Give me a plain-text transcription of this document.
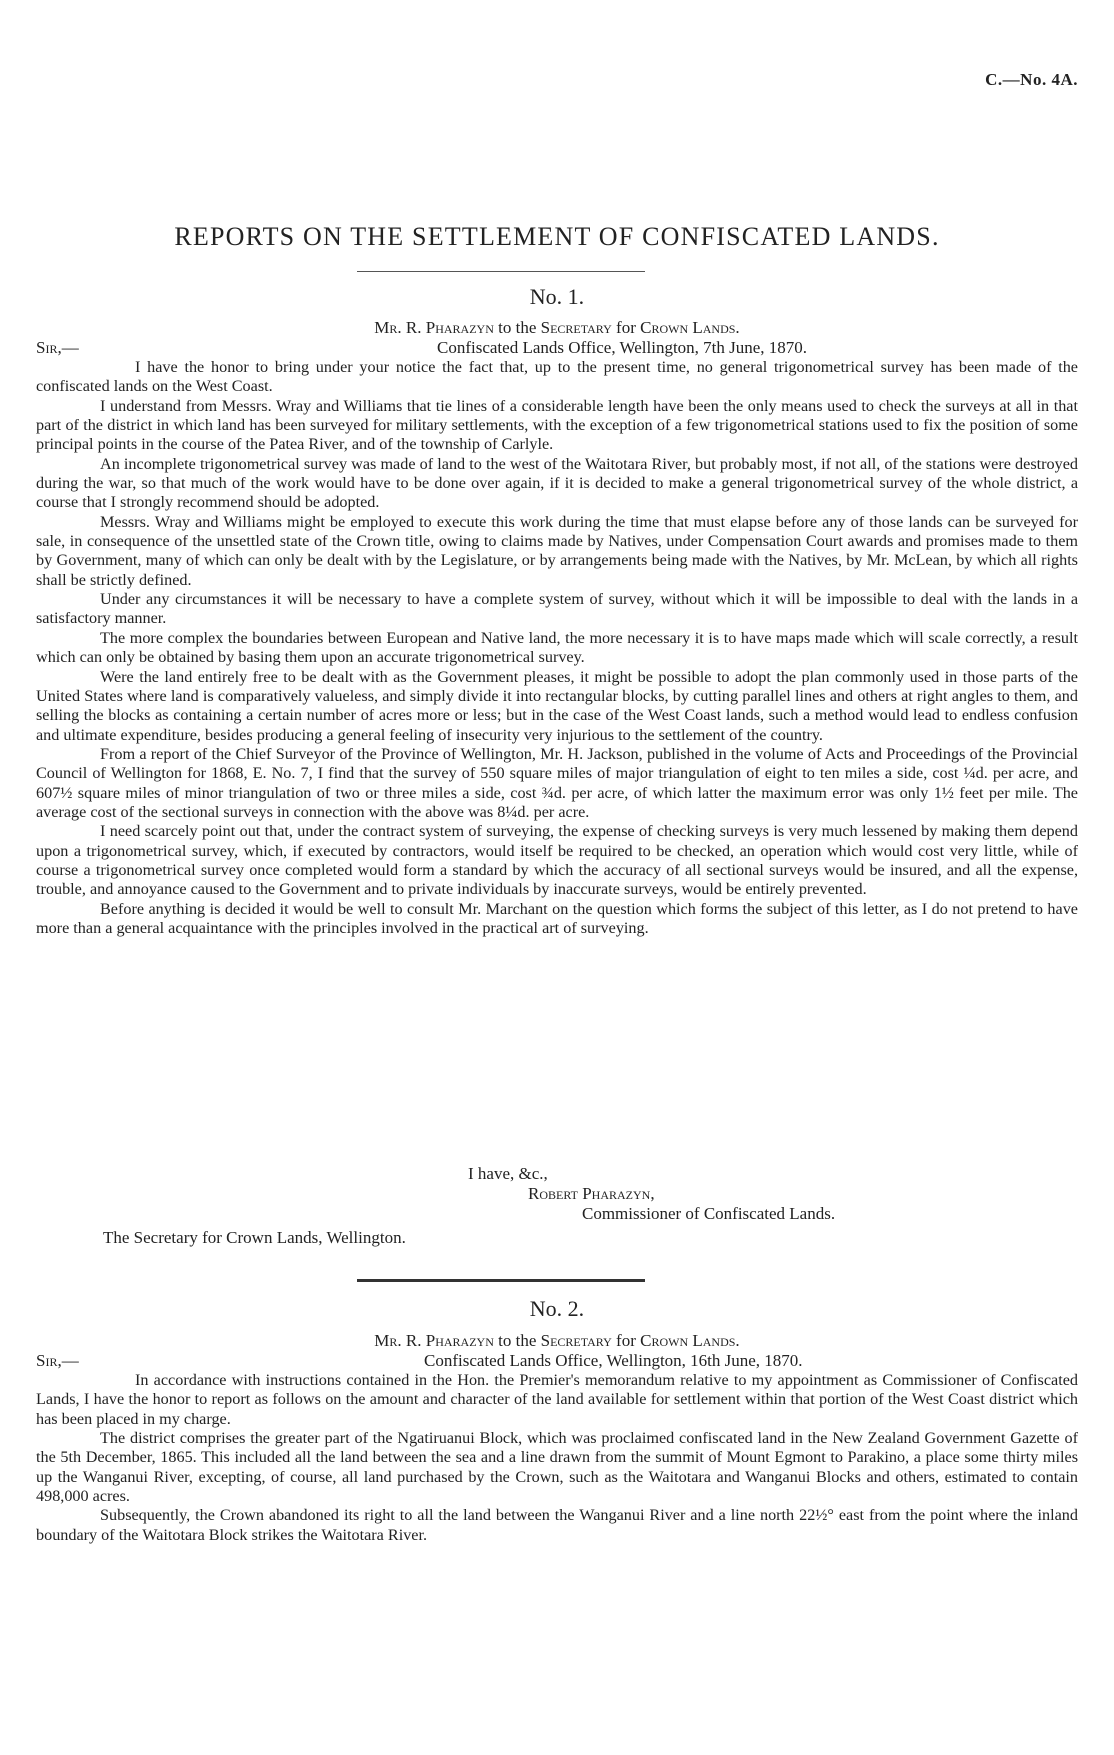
C.—No. 4A.
REPORTS ON THE SETTLEMENT OF CONFISCATED LANDS.
No. 1.
Mr. R. Pharazyn to the Secretary for Crown Lands.
Sir,—	Confiscated Lands Office, Wellington, 7th June, 1870.

I have the honor to bring under your notice the fact that, up to the present time, no general trigonometrical survey has been made of the confiscated lands on the West Coast.

I understand from Messrs. Wray and Williams that tie lines of a considerable length have been the only means used to check the surveys at all in that part of the district in which land has been surveyed for military settlements, with the exception of a few trigonometrical stations used to fix the position of some principal points in the course of the Patea River, and of the township of Carlyle.

An incomplete trigonometrical survey was made of land to the west of the Waitotara River, but probably most, if not all, of the stations were destroyed during the war, so that much of the work would have to be done over again, if it is decided to make a general trigonometrical survey of the whole district, a course that I strongly recommend should be adopted.

Messrs. Wray and Williams might be employed to execute this work during the time that must elapse before any of those lands can be surveyed for sale, in consequence of the unsettled state of the Crown title, owing to claims made by Natives, under Compensation Court awards and promises made to them by Government, many of which can only be dealt with by the Legislature, or by arrangements being made with the Natives, by Mr. McLean, by which all rights shall be strictly defined.

Under any circumstances it will be necessary to have a complete system of survey, without which it will be impossible to deal with the lands in a satisfactory manner.

The more complex the boundaries between European and Native land, the more necessary it is to have maps made which will scale correctly, a result which can only be obtained by basing them upon an accurate trigonometrical survey.

Were the land entirely free to be dealt with as the Government pleases, it might be possible to adopt the plan commonly used in those parts of the United States where land is comparatively valueless, and simply divide it into rectangular blocks, by cutting parallel lines and others at right angles to them, and selling the blocks as containing a certain number of acres more or less; but in the case of the West Coast lands, such a method would lead to endless confusion and ultimate expenditure, besides producing a general feeling of insecurity very injurious to the settlement of the country.

From a report of the Chief Surveyor of the Province of Wellington, Mr. H. Jackson, published in the volume of Acts and Proceedings of the Provincial Council of Wellington for 1868, E. No. 7, I find that the survey of 550 square miles of major triangulation of eight to ten miles a side, cost ¼d. per acre, and 607½ square miles of minor triangulation of two or three miles a side, cost ¾d. per acre, of which latter the maximum error was only 1½ feet per mile. The average cost of the sectional surveys in connection with the above was 8¼d. per acre.

I need scarcely point out that, under the contract system of surveying, the expense of checking surveys is very much lessened by making them depend upon a trigonometrical survey, which, if executed by contractors, would itself be required to be checked, an operation which would cost very little, while of course a trigonometrical survey once completed would form a standard by which the accuracy of all sectional surveys would be insured, and all the expense, trouble, and annoyance caused to the Government and to private individuals by inaccurate surveys, would be entirely prevented.

Before anything is decided it would be well to consult Mr. Marchant on the question which forms the subject of this letter, as I do not pretend to have more than a general acquaintance with the principles involved in the practical art of surveying.

I have, &c.,
Robert Pharazyn,
Commissioner of Confiscated Lands.
The Secretary for Crown Lands, Wellington.
No. 2.
Mr. R. Pharazyn to the Secretary for Crown Lands.
Sir,—	Confiscated Lands Office, Wellington, 16th June, 1870.

In accordance with instructions contained in the Hon. the Premier's memorandum relative to my appointment as Commissioner of Confiscated Lands, I have the honor to report as follows on the amount and character of the land available for settlement within that portion of the West Coast district which has been placed in my charge.

The district comprises the greater part of the Ngatiruanui Block, which was proclaimed confiscated land in the New Zealand Government Gazette of the 5th December, 1865. This included all the land between the sea and a line drawn from the summit of Mount Egmont to Parakino, a place some thirty miles up the Wanganui River, excepting, of course, all land purchased by the Crown, such as the Waitotara and Wanganui Blocks and others, estimated to contain 498,000 acres.

Subsequently, the Crown abandoned its right to all the land between the Wanganui River and a line north 22½° east from the point where the inland boundary of the Waitotara Block strikes the Waitotara River.
